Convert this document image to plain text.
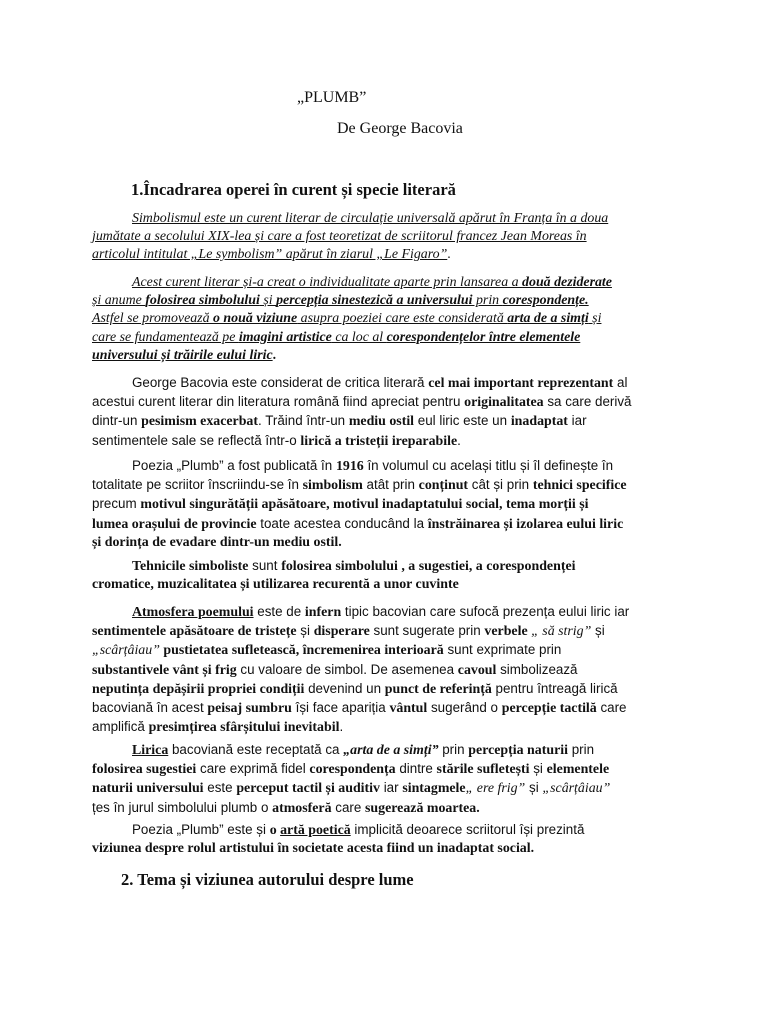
„PLUMB”
De George Bacovia
1.Încadrarea operei în curent și specie literară
Simbolismul este un curent literar de circulație universală apărut în Franța în a doua
jumătate a secolului XIX-lea și care a fost teoretizat de scriitorul francez Jean Moreas în
articolul intitulat „Le symbolism” apărut în ziarul „Le Figaro”.
Acest curent literar și-a creat o individualitate aparte prin lansarea a două deziderate
și anume folosirea simbolului și percepția sinestezică a universului prin corespondențe.
Astfel se promovează o nouă viziune asupra poeziei care este considerată arta de a simți și
care se fundamentează pe imagini artistice ca loc al corespondențelor între elementele
universului și trăirile eului liric.
George Bacovia este considerat de critica literară cel mai important reprezentant al
acestui curent literar din literatura română fiind apreciat pentru originalitatea sa care derivă
dintr-un pesimism exacerbat. Trăind într-un mediu ostil eul liric este un inadaptat iar
sentimentele sale se reflectă într-o lirică a tristeții ireparabile.
Poezia „Plumb” a fost publicată în 1916 în volumul cu același titlu și îl definește în
totalitate pe scriitor înscriindu-se în simbolism atât prin conținut cât și prin tehnici specifice
precum motivul singurătății apăsătoare, motivul inadaptatului social, tema morții și
lumea orașului de provincie toate acestea conducând la înstrăinarea și izolarea eului liric
și dorința de evadare dintr-un mediu ostil.
Tehnicile simboliste sunt folosirea simbolului , a sugestiei, a corespondenței
cromatice, muzicalitatea și utilizarea recurentă a unor cuvinte
Atmosfera poemului este de infern tipic bacovian care sufocă prezența eului liric iar
sentimentele apăsătoare de tristețe și disperare sunt sugerate prin verbele „ să strig” și
„scârțâiau” pustietatea sufletească, încremenirea interioară sunt exprimate prin
substantivele vânt și frig cu valoare de simbol. De asemenea cavoul simbolizează
neputința depășirii propriei condiții devenind un punct de referință pentru întreagă lirică
bacoviană în acest peisaj sumbru își face apariția vântul sugerând o percepție tactilă care
amplifică presimțirea sfârșitului inevitabil.
Lirica bacoviană este receptată ca „arta de a simți” prin percepția naturii prin
folosirea sugestiei care exprimă fidel corespondența dintre stările sufletești și elementele
naturii universului este perceput tactil și auditiv iar sintagmele„ ere frig” și „scârțâiau”
țes în jurul simbolului plumb o atmosferă care sugerează moartea.
Poezia „Plumb” este și o artă poetică implicită deoarece scriitorul își prezintă
viziunea despre rolul artistului în societate acesta fiind un inadaptat social.
2. Tema și viziunea autorului despre lume
